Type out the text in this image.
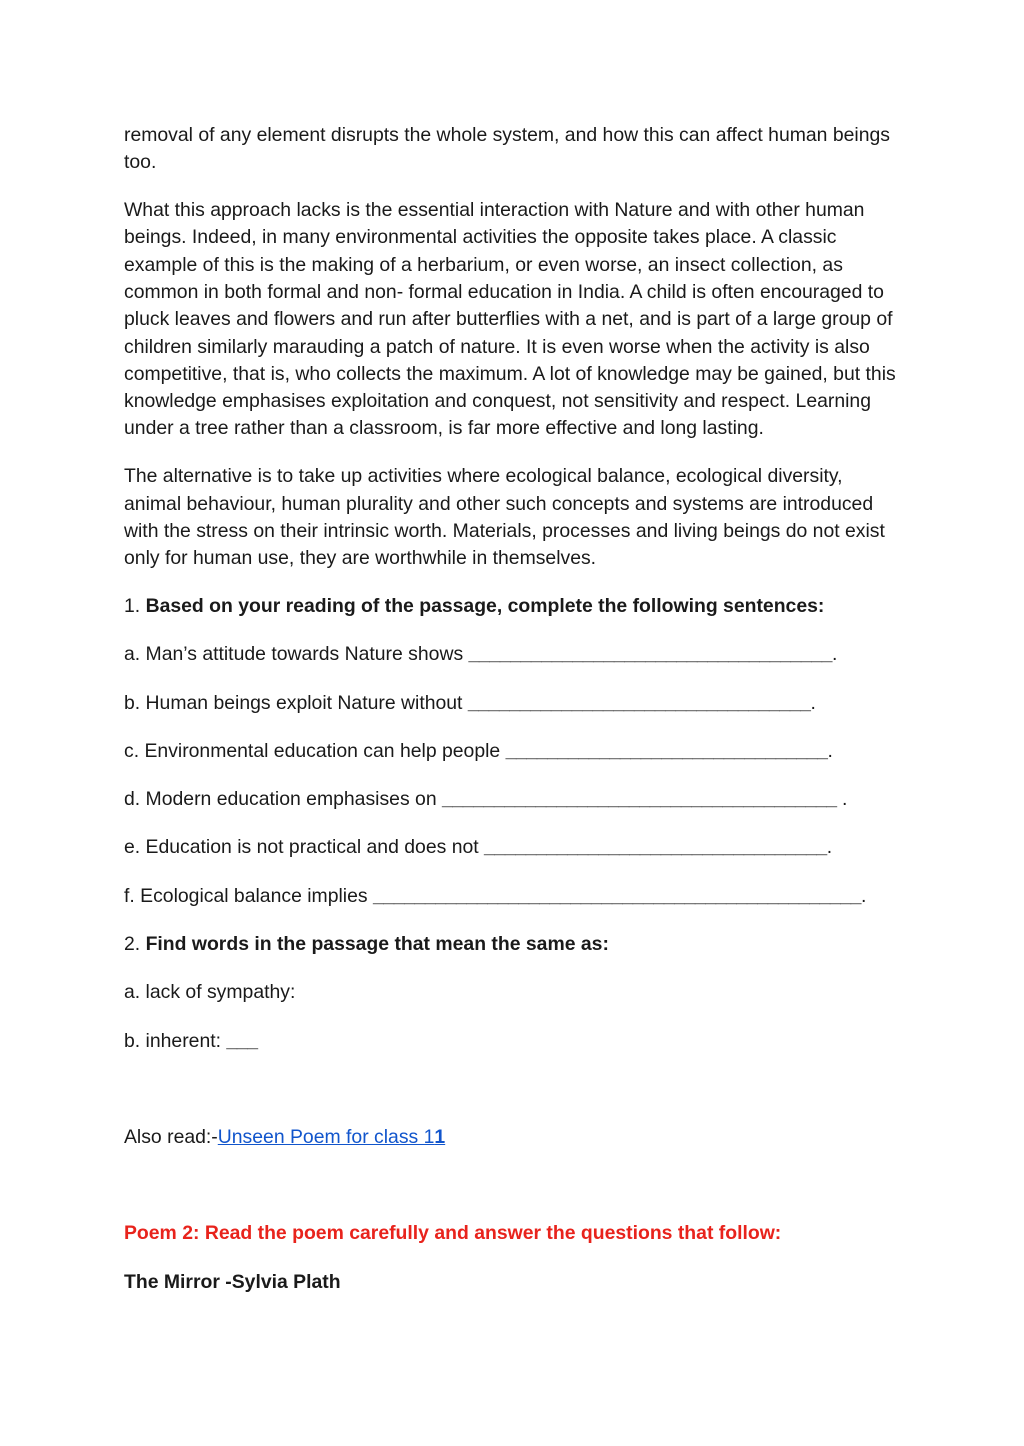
removal of any element disrupts the whole system, and how this can affect human beings too.

What this approach lacks is the essential interaction with Nature and with other human beings. Indeed, in many environmental activities the opposite takes place. A classic example of this is the making of a herbarium, or even worse, an insect collection, as common in both formal and non- formal education in India. A child is often encouraged to pluck leaves and flowers and run after butterflies with a net, and is part of a large group of children similarly marauding a patch of nature. It is even worse when the activity is also competitive, that is, who collects the maximum. A lot of knowledge may be gained, but this knowledge emphasises exploitation and conquest, not sensitivity and respect. Learning under a tree rather than a classroom, is far more effective and long lasting.

The alternative is to take up activities where ecological balance, ecological diversity, animal behaviour, human plurality and other such concepts and systems are introduced with the stress on their intrinsic worth. Materials, processes and living beings do not exist only for human use, they are worthwhile in themselves.

1. Based on your reading of the passage, complete the following sentences:

a. Man’s attitude towards Nature shows ___________________________________.

b. Human beings exploit Nature without _________________________________.

c. Environmental education can help people _______________________________.

d. Modern education emphasises on ______________________________________ .

e. Education is not practical and does not _________________________________.

f. Ecological balance implies _______________________________________________.

2. Find words in the passage that mean the same as:

a. lack of sympathy:

b. inherent: ___

Also read:-Unseen Poem for class 11

Poem 2: Read the poem carefully and answer the questions that follow:

The Mirror -Sylvia Plath
